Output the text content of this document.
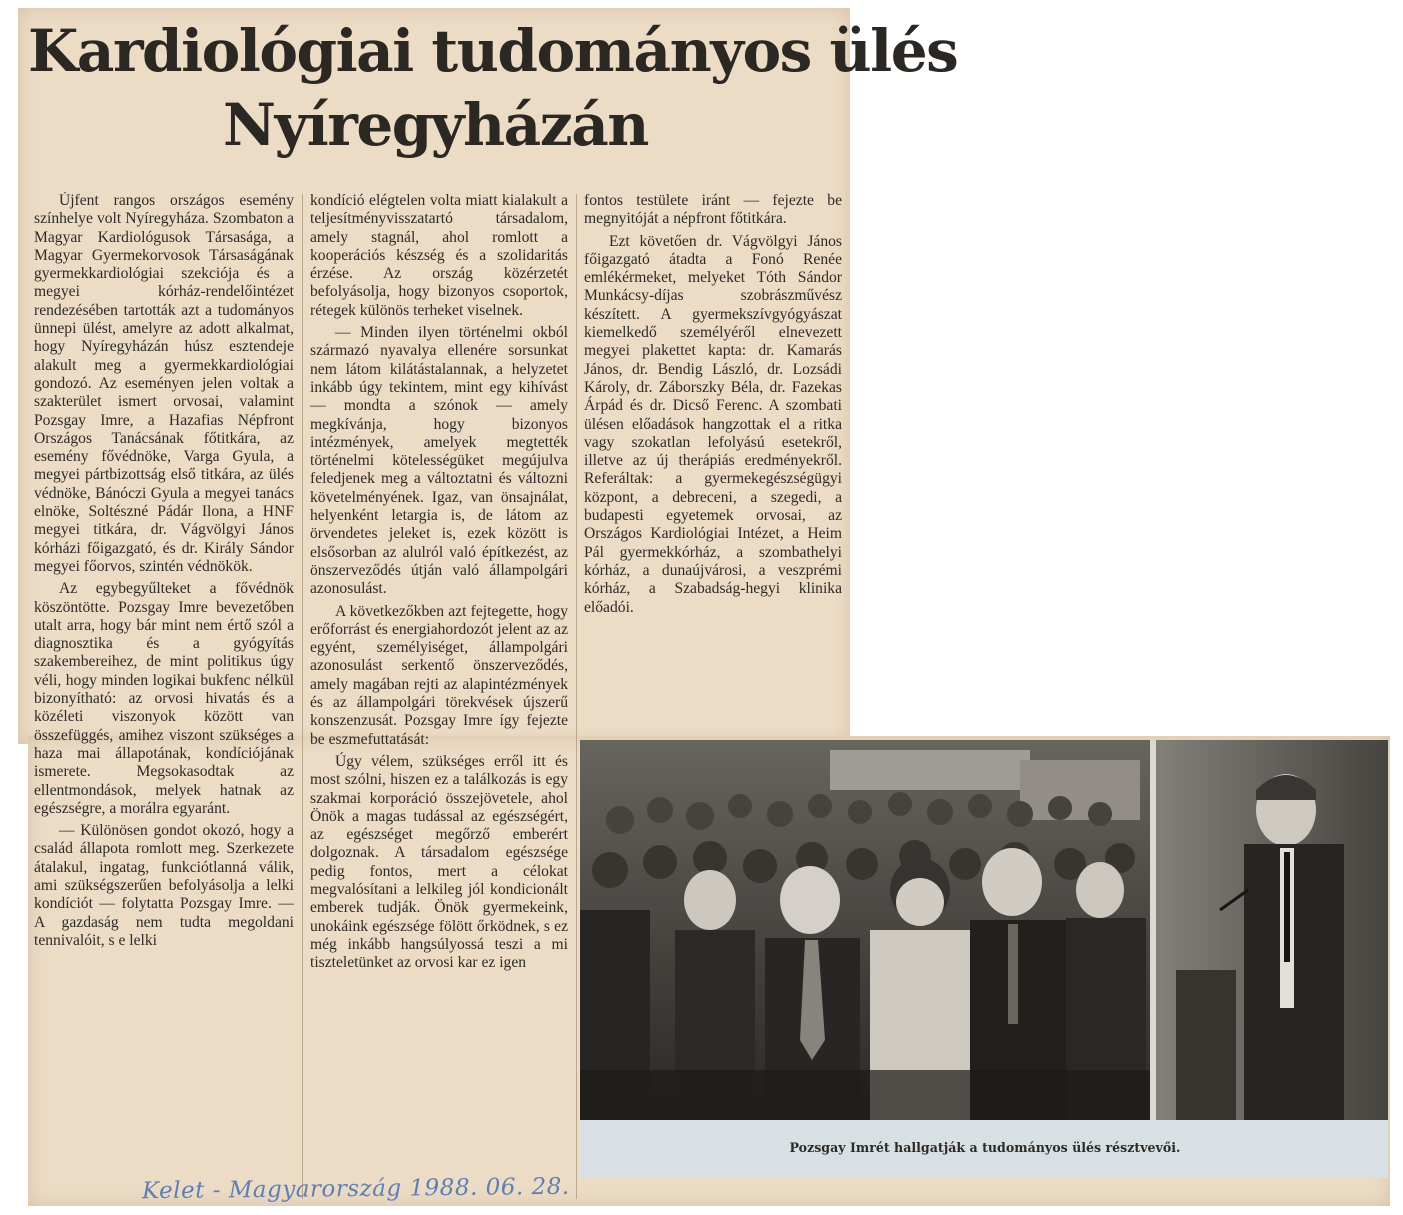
Kardiológiai tudományos ülés
Nyíregyházán

Újfent rangos országos esemény színhelye volt Nyíregyháza. Szombaton a Magyar Kardiológusok Társasága, a Magyar Gyermekorvosok Társaságának gyermekkardiológiai szekciója és a megyei kórház-rendelőintézet rendezésében tartották azt a tudományos ünnepi ülést, amelyre az adott alkalmat, hogy Nyíregyházán húsz esztendeje alakult meg a gyermekkardiológiai gondozó. Az eseményen jelen voltak a szakterület ismert orvosai, valamint Pozsgay Imre, a Hazafias Népfront Országos Tanácsának főtitkára, az esemény fővédnöke, Varga Gyula, a megyei pártbizottság első titkára, az ülés védnöke, Bánóczi Gyula a megyei tanács elnöke, Soltészné Pádár Ilona, a HNF megyei titkára, dr. Vágvölgyi János kórházi főigazgató, és dr. Király Sándor megyei főorvos, szintén védnökök.

Az egybegyűlteket a fővédnök köszöntötte. Pozsgay Imre bevezetőben utalt arra, hogy bár mint nem értő szól a diagnosztika és a gyógyítás szakembereihez, de mint politikus úgy véli, hogy minden logikai bukfenc nélkül bizonyítható: az orvosi hivatás és a közéleti viszonyok között van összefüggés, amihez viszont szükséges a haza mai állapotának, kondíciójának ismerete. Megsokasodtak az ellentmondások, melyek hatnak az egészségre, a morálra egyaránt.

— Különösen gondot okozó, hogy a család állapota romlott meg. Szerkezete átalakul, ingatag, funkciótlanná válik, ami szükségszerűen befolyásolja a lelki kondíciót — folytatta Pozsgay Imre. — A gazdaság nem tudta megoldani tennivalóit, s e lelki

kondíció elégtelen volta miatt kialakult a teljesítményvisszatartó társadalom, amely stagnál, ahol romlott a kooperációs készség és a szolidaritás érzése. Az ország közérzetét befolyásolja, hogy bizonyos csoportok, rétegek különös terheket viselnek.

— Minden ilyen történelmi okból származó nyavalya ellenére sorsunkat nem látom kilátástalannak, a helyzetet inkább úgy tekintem, mint egy kihívást — mondta a szónok — amely megkívánja, hogy bizonyos intézmények, amelyek megtették történelmi kötelességüket megújulva feledjenek meg a változtatni és változni követelményének. Igaz, van önsajnálat, helyenként letargia is, de látom az örvendetes jeleket is, ezek között is elsősorban az alulról való építkezést, az önszerveződés útján való állampolgári azonosulást.

A következőkben azt fejtegette, hogy erőforrást és energiahordozót jelent az az egyént, személyiséget, állampolgári azonosulást serkentő önszerveződés, amely magában rejti az alapintézmények és az állampolgári törekvések újszerű konszenzusát. Pozsgay Imre így fejezte be eszmefuttatását:

Úgy vélem, szükséges erről itt és most szólni, hiszen ez a találkozás is egy szakmai korporáció összejövetele, ahol Önök a magas tudással az egészségért, az egészséget megőrző emberért dolgoznak. A társadalom egészsége pedig fontos, mert a célokat megvalósítani a lelkileg jól kondicionált emberek tudják. Önök gyermekeink, unokáink egészsége fölött őrködnek, s ez még inkább hangsúlyossá teszi a mi tiszteletünket az orvosi kar ez igen

fontos testülete iránt — fejezte be megnyitóját a népfront főtitkára.

Ezt követően dr. Vágvölgyi János főigazgató átadta a Fonó Renée emlékérmeket, melyeket Tóth Sándor Munkácsy-díjas szobrászművész készített. A gyermekszívgyógyászat kiemelkedő személyéről elnevezett megyei plakettet kapta: dr. Kamarás János, dr. Bendig László, dr. Lozsádi Károly, dr. Záborszky Béla, dr. Fazekas Árpád és dr. Dicső Ferenc. A szombati ülésen előadások hangzottak el a ritka vagy szokatlan lefolyású esetekről, illetve az új therápiás eredményekről. Referáltak: a gyermekegészségügyi központ, a debreceni, a szegedi, a budapesti egyetemek orvosai, az Országos Kardiológiai Intézet, a Heim Pál gyermekkórház, a szombathelyi kórház, a dunaújvárosi, a veszprémi kórház, a Szabadság-hegyi klinika előadói.

Pozsgay Imrét hallgatják a tudományos ülés résztvevői.
Kelet - Magyarország 1988. 06. 28.
